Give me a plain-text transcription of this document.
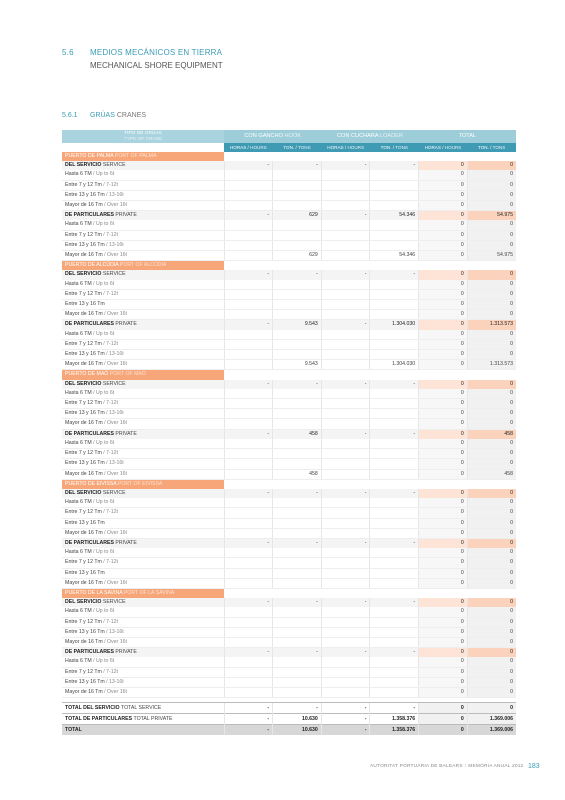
5.6 MEDIOS MECÁNICOS EN TIERRA
MECHANICAL SHORE EQUIPMENT
5.6.1 GRÚAS CRANES
TIPO DE GRÚAS
TYPE OF CRANE	CON GANCHO HOOK		CON CUCHARA LOADER		TOTAL	
	HORAS / HOURS	TON. / TONS	HORAS / HOURS	TON. / TONS	HORAS / HOURS	TON. / TONS
PUERTO DE PALMA PORT OF PALMA						
DEL SERVICIO SERVICE	-	-	-	-	0	0
Hasta 6 TM / Up to 6t					0	0
Entre 7 y 12 Tm / 7-12t					0	0
Entre 13 y 16 Tm / 13-16t					0	0
Mayor de 16 Tm / Over 16t					0	0
DE PARTICULARES PRIVATE	-	629	-	54.346	0	54.975
Hasta 6 TM / Up to 6t					0	0
Entre 7 y 12 Tm / 7-12t					0	0
Entre 13 y 16 Tm / 13-16t					0	0
Mayor de 16 Tm / Over 16t		629		54.346	0	54.975
PUERTO DE ALCÚDIA PORT OF ALCÚDIA						
DEL SERVICIO SERVICE	-	-	-	-	0	0
Hasta 6 TM / Up to 6t					0	0
Entre 7 y 12 Tm / 7-12t					0	0
Entre 13 y 16 Tm					0	0
Mayor de 16 Tm / Over 16t					0	0
DE PARTICULARES PRIVATE	-	9.543	-	1.304.030	0	1.313.573
Hasta 6 TM / Up to 6t					0	0
Entre 7 y 12 Tm / 7-12t					0	0
Entre 13 y 16 Tm / 13-16t					0	0
Mayor de 16 Tm / Over 16t		9.543		1.304.030	0	1.313.573
PUERTO DE MAÓ PORT OF MAÓ						
DEL SERVICIO SERVICE	-	-	-	-	0	0
Hasta 6 TM / Up to 6t					0	0
Entre 7 y 12 Tm / 7-12t					0	0
Entre 13 y 16 Tm / 13-16t					0	0
Mayor de 16 Tm / Over 16t					0	0
DE PARTICULARES PRIVATE	-	458	-	-	0	458
Hasta 6 TM / Up to 6t					0	0
Entre 7 y 12 Tm / 7-12t					0	0
Entre 13 y 16 Tm / 13-16t					0	0
Mayor de 16 Tm / Over 16t		458			0	458
PUERTO DE EIVISSA PORT OF EIVISSA						
DEL SERVICIO SERVICE	-	-	-	-	0	0
Hasta 6 TM / Up to 6t					0	0
Entre 7 y 12 Tm / 7-12t					0	0
Entre 13 y 16 Tm					0	0
Mayor de 16 Tm / Over 16t					0	0
DE PARTICULARES PRIVATE	-	-	-	-	0	0
Hasta 6 TM / Up to 6t					0	0
Entre 7 y 12 Tm / 7-12t					0	0
Entre 13 y 16 Tm					0	0
Mayor de 16 Tm / Over 16t					0	0
PUERTO DE LA SAVINA PORT OF LA SAVINA						
DEL SERVICIO SERVICE	-	-	-	-	0	0
Hasta 6 TM / Up to 6t					0	0
Entre 7 y 12 Tm / 7-12t					0	0
Entre 13 y 16 Tm / 13-16t					0	0
Mayor de 16 Tm / Over 16t					0	0
DE PARTICULARES PRIVATE	-	-	-	-	0	0
Hasta 6 TM / Up to 6t					0	0
Entre 7 y 12 Tm / 7-12t					0	0
Entre 13 y 16 Tm / 13-16t					0	0
Mayor de 16 Tm / Over 16t					0	0

TOTAL DEL SERVICIO TOTAL SERVICE	-	-	-	-	0	0
TOTAL DE PARTICULARES TOTAL PRIVATE	-	10.630	-	1.358.376	0	1.369.006
TOTAL	-	10.630	-	1.358.376	0	1.369.006
AUTORITAT PORTUÀRIA DE BALEARS / MEMÒRIA ANUAL 2012 183
